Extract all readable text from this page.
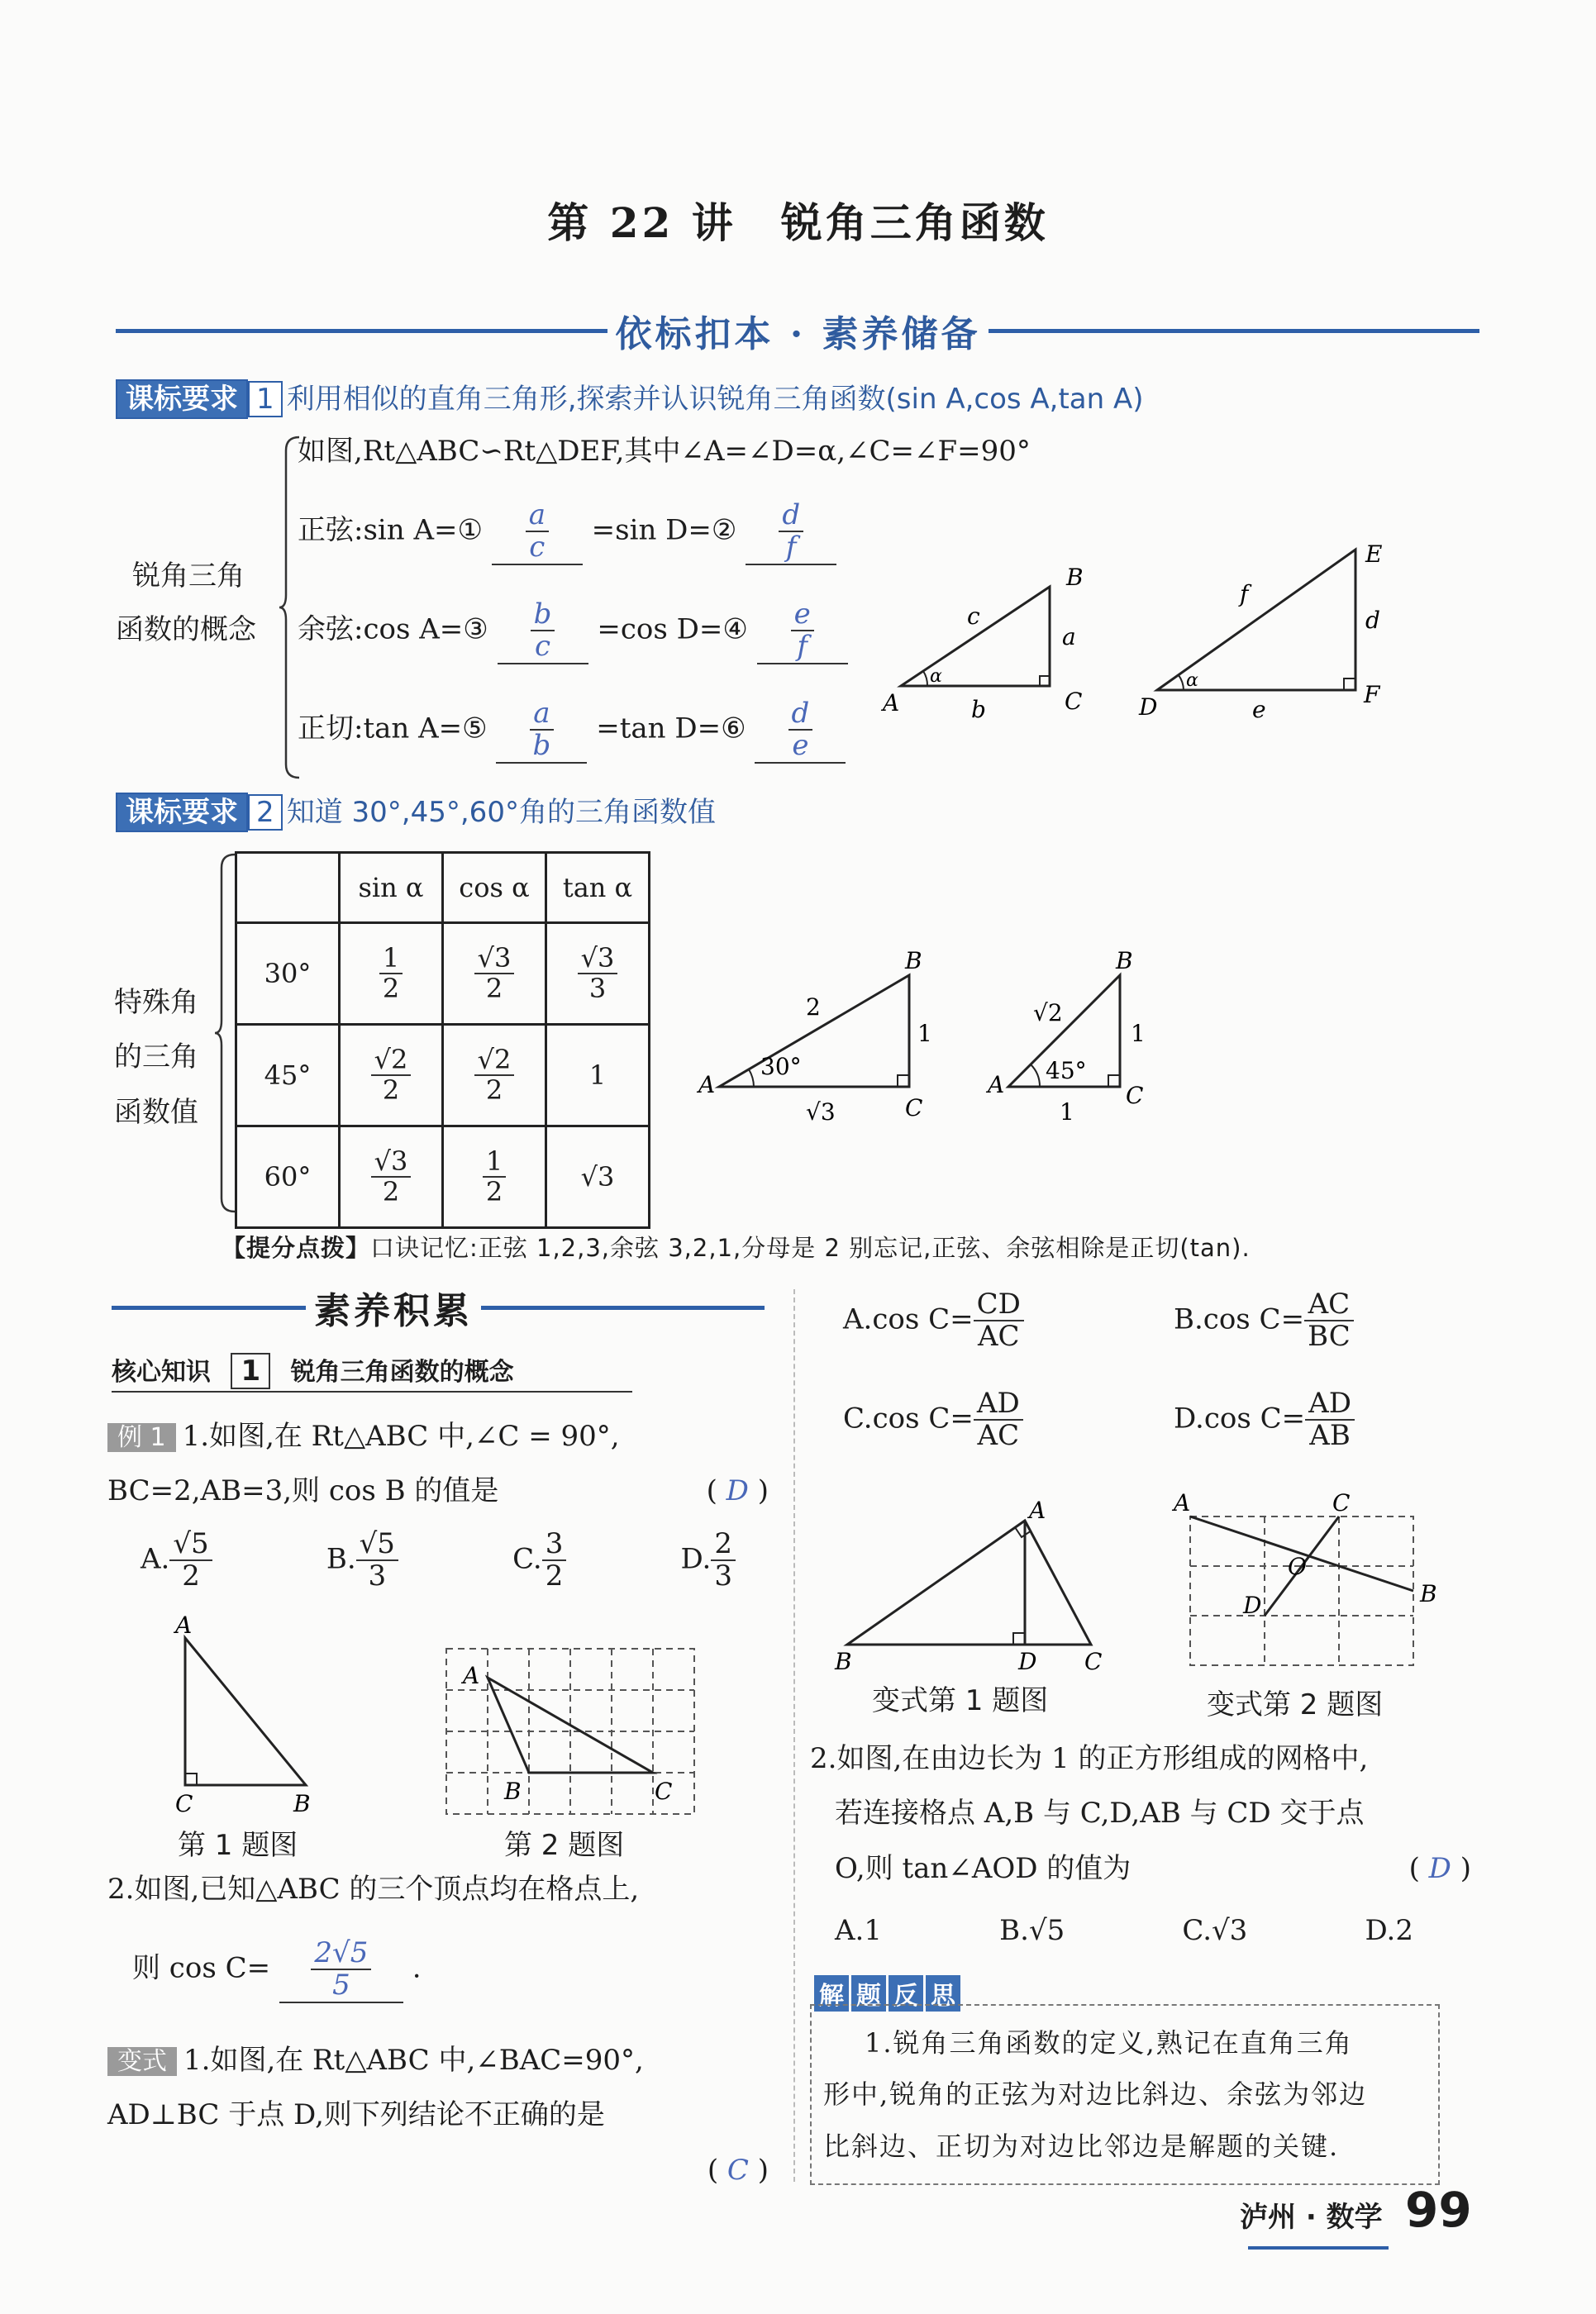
第 22 讲　锐角三角函数
依标扣本 · 素养储备
课标要求 1 利用相似的直角三角形,探索并认识锐角三角函数(sin A,cos A,tan A)
锐角三角
函数的概念
如图,Rt△ABC∽Rt△DEF,其中∠A=∠D=α,∠C=∠F=90°
正弦:sin A=① $\frac{a}{c} =\sin$ D=② $\frac{d}{f}$
余弦:cos A=③ $\frac{b}{c} =\cos$ D=④ $\frac{e}{f}$
正切:tan A=⑤ $\frac{a}{b} =\tan$ D=⑥ $\frac{d}{e}$	A
B
C
a
b
c
α
D
E
F
d
e
f
α
课标要求 2 知道 30°,45°,60°角的三角函数值
特殊角
的三角
函数值
	sin α	cos α	tan α
30°	$\frac{1}{2}$	$\frac{√3}{2}$	$\frac{√3}{3}$

45°	$\frac{√2}{2}$	$\frac{√2}{2}$	1
60°	$\frac{√3}{2}$	$\frac{1}{2}$	√3
A
B
C
2
1
√3
30°
A
B
C
√2
1
1
45°
【提分点拨】口诀记忆:正弦 1,2,3,余弦 3,2,1,分母是 2 别忘记,正弦、余弦相除是正切(tan).
素养积累
核心知识 1 锐角三角函数的概念
例 1 1.如图,在 Rt△ABC 中,∠C = 90°,
BC=2,AB=3,则 cos B 的值是	( D )
A. $\frac{√5}{2}$	B. $\frac{√5}{3}$	C. $\frac{3}{2}$	D. $\frac{2}{3}$
A
C	B
第 1 题图
A
B	C
第 2 题图
2.如图,已知△ABC 的三个顶点均在格点上,
则 $\cos C= \frac{2√5}{5}$ .
变式 1.如图,在 Rt△ABC 中,∠BAC=90°,
AD⊥BC 于点 D,则下列结论不正确的是
( C )
A.cos $C= \frac{CD}{AC}$	B.cos $C= \frac{AC}{BC}$
C.cos $C= \frac{AD}{AC}$	D.cos $C= \frac{AD}{AB}$
A
B	D C
变式第 1 题图
A	C
O
D	B
变式第 2 题图
2.如图,在由边长为 1 的正方形组成的网格中,
若连接格点 A,B 与 C,D,AB 与 CD 交于点
O,则 tan∠AOD 的值为	( D )
A.1	B.√5	C.√3	D.2
解 题 反 思
1.锐角三角函数的定义,熟记在直角三角
形中,锐角的正弦为对边比斜边、余弦为邻边
比斜边、正切为对边比邻边是解题的关键.
泸州 · 数学 99
